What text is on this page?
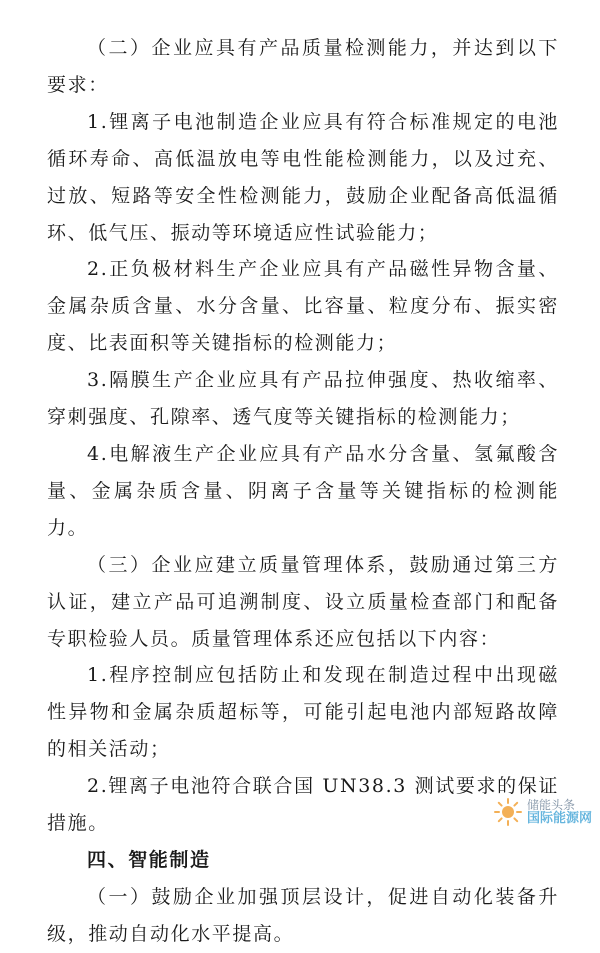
（二）企业应具有产品质量检测能力，并达到以下要求：

1.锂离子电池制造企业应具有符合标准规定的电池循环寿命、高低温放电等电性能检测能力，以及过充、过放、短路等安全性检测能力，鼓励企业配备高低温循环、低气压、振动等环境适应性试验能力；

2.正负极材料生产企业应具有产品磁性异物含量、金属杂质含量、水分含量、比容量、粒度分布、振实密度、比表面积等关键指标的检测能力；

3.隔膜生产企业应具有产品拉伸强度、热收缩率、穿刺强度、孔隙率、透气度等关键指标的检测能力；

4.电解液生产企业应具有产品水分含量、氢氟酸含量、金属杂质含量、阴离子含量等关键指标的检测能力。

（三）企业应建立质量管理体系，鼓励通过第三方认证，建立产品可追溯制度、设立质量检查部门和配备专职检验人员。质量管理体系还应包括以下内容：

1.程序控制应包括防止和发现在制造过程中出现磁性异物和金属杂质超标等，可能引起电池内部短路故障的相关活动；

2.锂离子电池符合联合国 UN38.3 测试要求的保证措施。

四、智能制造

（一）鼓励企业加强顶层设计，促进自动化装备升级，推动自动化水平提高。

储能头条
国际能源网
